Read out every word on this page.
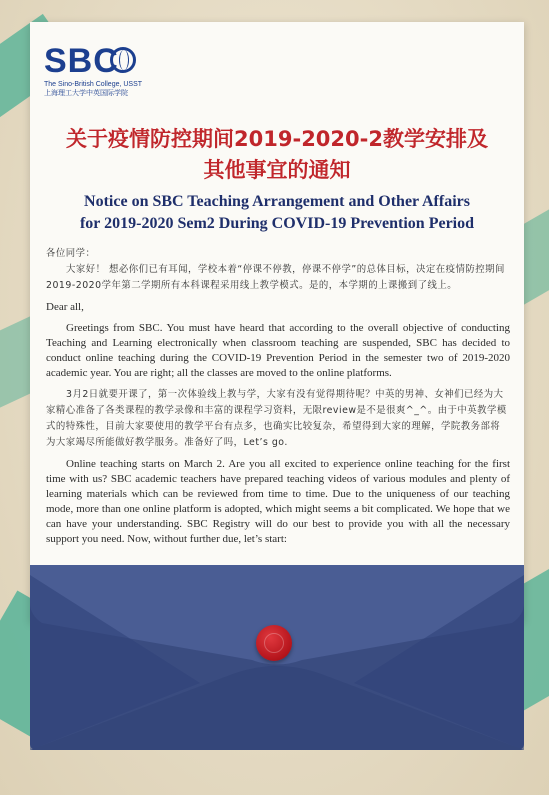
SBC
The Sino-British College, USST
上海理工大学中英国际学院
关于疫情防控期间2019-2020-2教学安排及
其他事宜的通知
Notice on SBC Teaching Arrangement and Other Affairs
for 2019-2020 Sem2 During COVID-19 Prevention Period

各位同学：

大家好！ 想必你们已有耳闻，学校本着“停课不停教，停课不停学”的总体目标，决定在疫情防控期间2019-2020学年第二学期所有本科课程采用线上教学模式。是的，本学期的上课搬到了线上。

Dear all,

Greetings from SBC. You must have heard that according to the overall objective of conducting Teaching and Learning electronically when classroom teaching are suspended, SBC has decided to conduct online teaching during the COVID-19 Prevention Period in the semester two of 2019-2020 academic year. You are right; all the classes are moved to the online platforms.

3月2日就要开课了，第一次体验线上教与学，大家有没有觉得期待呢？中英的男神、女神们已经为大家精心准备了各类课程的教学录像和丰富的课程学习资料，无限review是不是很爽^_^。由于中英教学模式的特殊性，目前大家要使用的教学平台有点多，也确实比较复杂，希望得到大家的理解，学院教务部将为大家竭尽所能做好教学服务。准备好了吗，Let’s go.

Online teaching starts on March 2. Are you all excited to experience online teaching for the first time with us? SBC academic teachers have prepared teaching videos of various modules and plenty of learning materials which can be reviewed from time to time. Due to the uniqueness of our teaching mode, more than one online platform is adopted, which might seems a bit complicated. We hope that we can have your understanding. SBC Registry will do our best to provide you with all the necessary support you need. Now, without further due, let’s start:
